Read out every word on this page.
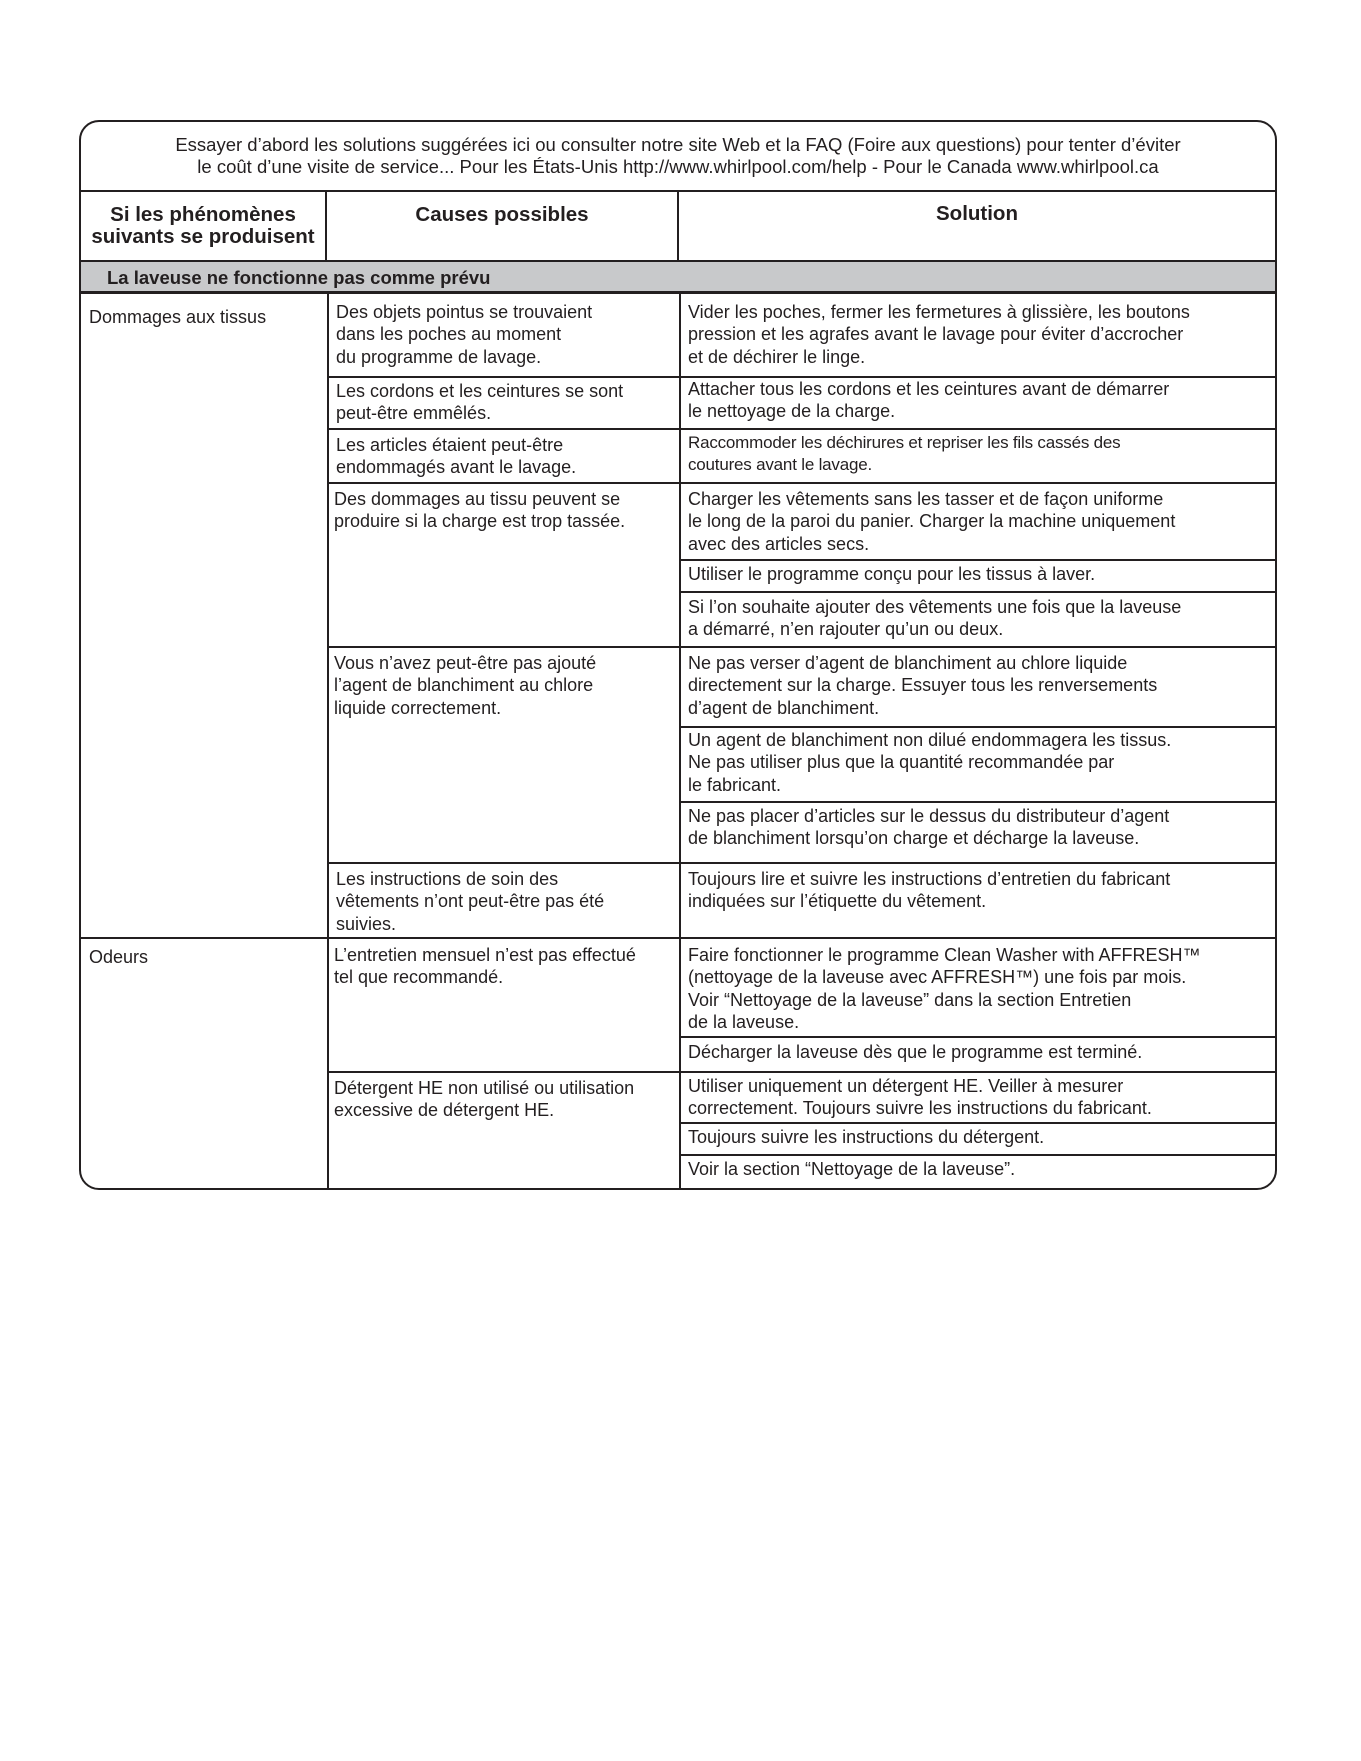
Essayer d’abord les solutions suggérées ici ou consulter notre site Web et la FAQ (Foire aux questions) pour tenter d’éviter
le coût d’une visite de service... Pour les États-Unis http://www.whirlpool.com/help - Pour le Canada www.whirlpool.ca
Si les phénomènes
suivants se produisent
Causes possibles	Solution
La laveuse ne fonctionne pas comme prévu
Dommages aux tissus
Odeurs
Des objets pointus se trouvaient
dans les poches au moment
du programme de lavage.
Les cordons et les ceintures se sont
peut-être emmêlés.
Les articles étaient peut-être
endommagés avant le lavage.
Des dommages au tissu peuvent se
produire si la charge est trop tassée.
Vous n’avez peut-être pas ajouté
l’agent de blanchiment au chlore
liquide correctement.
Les instructions de soin des
vêtements n’ont peut-être pas été
suivies.
L’entretien mensuel n’est pas effectué
tel que recommandé.
Détergent HE non utilisé ou utilisation
excessive de détergent HE.
Vider les poches, fermer les fermetures à glissière, les boutons
pression et les agrafes avant le lavage pour éviter d’accrocher
et de déchirer le linge.
Attacher tous les cordons et les ceintures avant de démarrer
le nettoyage de la charge.
Raccommoder les déchirures et repriser les fils cassés des
coutures avant le lavage.
Charger les vêtements sans les tasser et de façon uniforme
le long de la paroi du panier. Charger la machine uniquement
avec des articles secs.
Utiliser le programme conçu pour les tissus à laver.
Si l’on souhaite ajouter des vêtements une fois que la laveuse
a démarré, n’en rajouter qu’un ou deux.
Ne pas verser d’agent de blanchiment au chlore liquide
directement sur la charge. Essuyer tous les renversements
d’agent de blanchiment.
Un agent de blanchiment non dilué endommagera les tissus.
Ne pas utiliser plus que la quantité recommandée par
le fabricant.
Ne pas placer d’articles sur le dessus du distributeur d’agent
de blanchiment lorsqu’on charge et décharge la laveuse.
Toujours lire et suivre les instructions d’entretien du fabricant
indiquées sur l’étiquette du vêtement.
Faire fonctionner le programme Clean Washer with AFFRESH™
(nettoyage de la laveuse avec AFFRESH™) une fois par mois.
Voir “Nettoyage de la laveuse” dans la section Entretien
de la laveuse.
Décharger la laveuse dès que le programme est terminé.
Utiliser uniquement un détergent HE. Veiller à mesurer
correctement. Toujours suivre les instructions du fabricant.
Toujours suivre les instructions du détergent.
Voir la section “Nettoyage de la laveuse”.
